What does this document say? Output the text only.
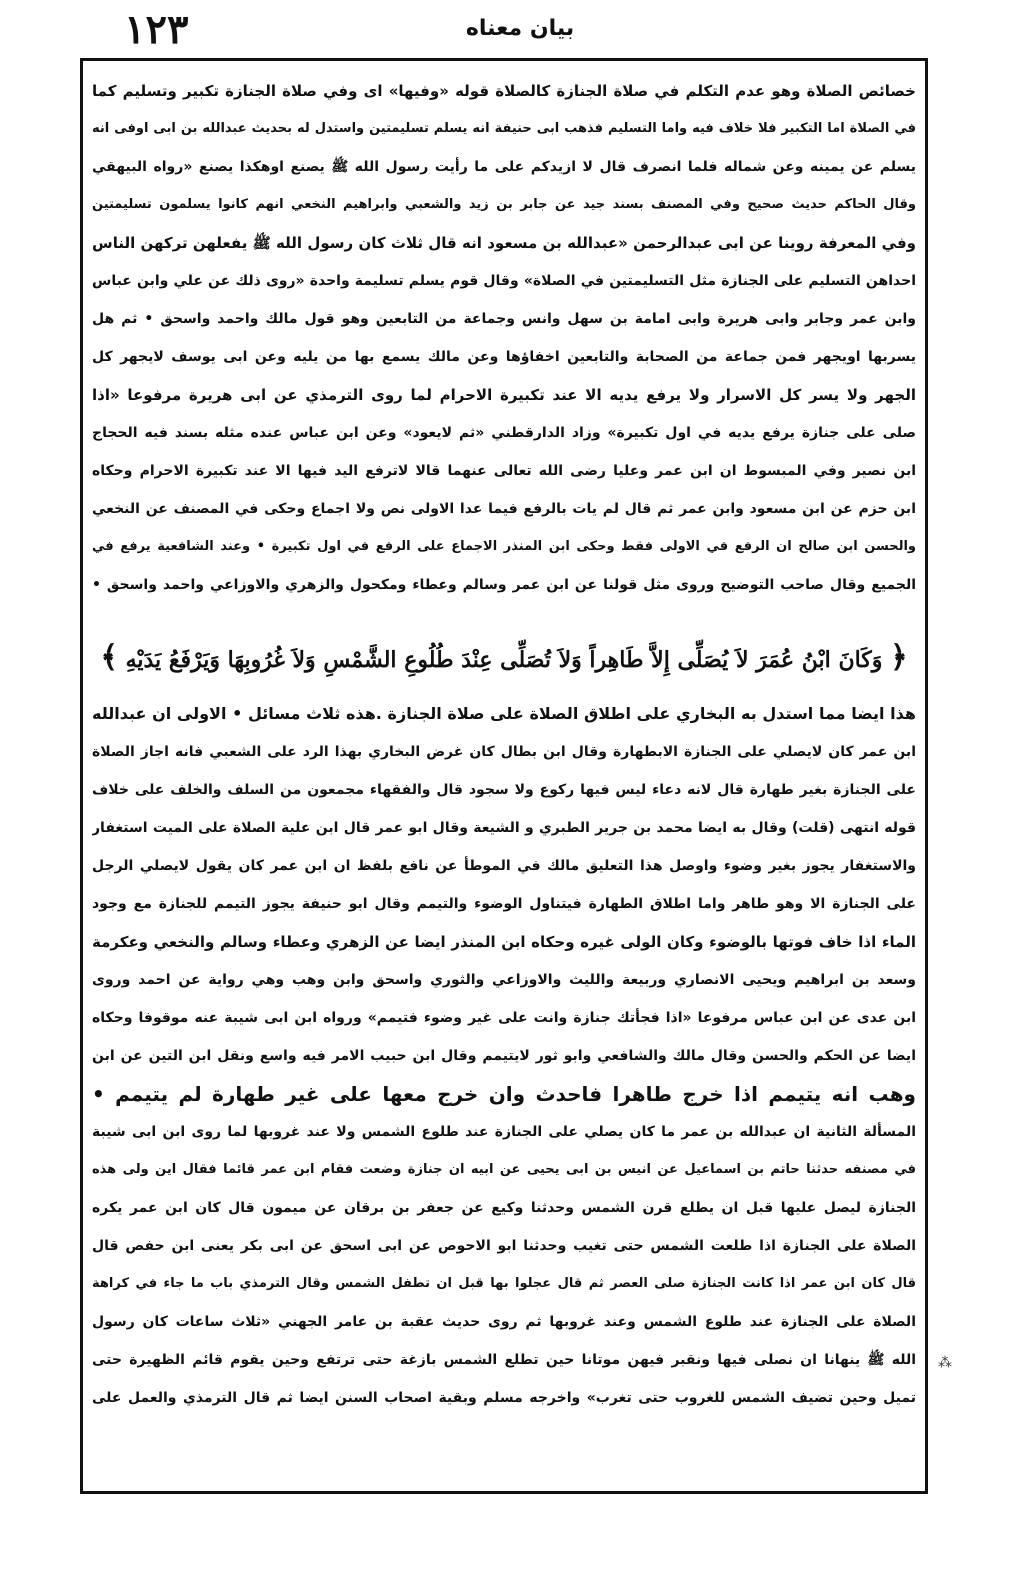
١٢٣	بيان معناه
خصائص الصلاة وهو عدم التكلم في صلاة الجنازة كالصلاة قوله «وفيها» اى وفي صلاة الجنازة تكبير وتسليم كما
في الصلاة اما التكبير فلا خلاف فيه واما التسليم فذهب ابى حنيفة انه يسلم تسليمتين واستدل له بحديث عبدالله بن ابى اوفى انه
يسلم عن يمينه وعن شماله فلما انصرف قال لا ازيدكم على ما رأيت رسول الله ﷺ يصنع اوهكذا يصنع «رواه البيهقي
وقال الحاكم حديث صحيح وفي المصنف بسند جيد عن جابر بن زيد والشعبي وابراهيم النخعي انهم كانوا يسلمون تسليمتين
وفي المعرفة روينا عن ابى عبدالرحمن «عبدالله بن مسعود انه قال ثلاث كان رسول الله ﷺ يفعلهن تركهن الناس
احداهن التسليم على الجنازة مثل التسليمتين في الصلاة» وقال قوم يسلم تسليمة واحدة «روى ذلك عن علي وابن عباس
وابن عمر وجابر وابى هريرة وابى امامة بن سهل وانس وجماعة من التابعين وهو قول مالك واحمد واسحق • ثم هل
يسربها اويجهر فمن جماعة من الصحابة والتابعين اخفاؤها وعن مالك يسمع بها من يليه وعن ابى يوسف لايجهر كل
الجهر ولا يسر كل الاسرار ولا يرفع يديه الا عند تكبيرة الاحرام لما روى الترمذي عن ابى هريرة مرفوعا «اذا
صلى على جنازة يرفع يديه في اول تكبيرة» وزاد الدارقطني «ثم لايعود» وعن ابن عباس عنده مثله بسند فيه الحجاج
ابن نصير وفي المبسوط ان ابن عمر وعليا رضى الله تعالى عنهما قالا لاترفع اليد فيها الا عند تكبيرة الاحرام وحكاه
ابن حزم عن ابن مسعود وابن عمر ثم قال لم يات بالرفع فيما عدا الاولى نص ولا اجماع وحكى في المصنف عن النخعي
والحسن ابن صالح ان الرفع في الاولى فقط وحكى ابن المنذر الاجماع على الرفع في اول تكبيرة • وعند الشافعية يرفع في
الجميع وقال صاحب التوضيح وروى مثل قولنا عن ابن عمر وسالم وعطاء ومكحول والزهري والاوزاعي واحمد واسحق •
﴿ وَكَانَ ابْنُ عُمَرَ لاَ يُصَلِّى إِلاَّ طَاهِراً وَلاَ تُصَلِّى عِنْدَ طُلُوعِ الشَّمْسِ وَلاَ غُرُوبِهَا وَيَرْفَعُ يَدَيْهِ ﴾
هذا ايضا مما استدل به البخاري على اطلاق الصلاة على صلاة الجنازة .هذه ثلاث مسائل • الاولى ان عبدالله
ابن عمر كان لايصلي على الجنازة الابطهارة وقال ابن بطال كان غرض البخاري بهذا الرد على الشعبي فانه اجاز الصلاة
على الجنازة بغير طهارة قال لانه دعاء ليس فيها ركوع ولا سجود قال والفقهاء مجمعون من السلف والخلف على خلاف
قوله انتهى (قلت) وقال به ايضا محمد بن جرير الطبري و الشيعة وقال ابو عمر قال ابن علية الصلاة على الميت استغفار
والاستغفار يجوز بغير وضوء واوصل هذا التعليق مالك في الموطأ عن نافع بلفظ ان ابن عمر كان يقول لايصلي الرجل
على الجنازة الا وهو طاهر واما اطلاق الطهارة فيتناول الوضوء والتيمم وقال ابو حنيفة يجوز التيمم للجنازة مع وجود
الماء اذا خاف فوتها بالوضوء وكان الولى غيره وحكاه ابن المنذر ايضا عن الزهري وعطاء وسالم والنخعي وعكرمة
وسعد بن ابراهيم ويحيى الانصاري وربيعة والليث والاوزاعي والثوري واسحق وابن وهب وهي رواية عن احمد وروى
ابن عدى عن ابن عباس مرفوعا «اذا فجأتك جنازة وانت على غير وضوء فتيمم» ورواه ابن ابى شيبة عنه موقوفا وحكاه
ايضا عن الحكم والحسن وقال مالك والشافعي وابو ثور لايتيمم وقال ابن حبيب الامر فيه واسع ونقل ابن التين عن ابن
وهب انه يتيمم اذا خرج طاهرا فاحدث وان خرج معها على غير طهارة لم يتيمم •
المسألة الثانية ان عبدالله بن عمر ما كان يصلي على الجنازة عند طلوع الشمس ولا عند غروبها لما روى ابن ابى شيبة
في مصنفه حدثنا حاتم بن اسماعيل عن انيس بن ابى يحيى عن ابيه ان جنازة وضعت فقام ابن عمر قائما فقال اين ولى هذه
الجنازة ليصل عليها قبل ان يطلع قرن الشمس وحدثنا وكيع عن جعفر بن برقان عن ميمون قال كان ابن عمر يكره
الصلاة على الجنازة اذا طلعت الشمس حتى تغيب وحدثنا ابو الاحوص عن ابى اسحق عن ابى بكر يعنى ابن حفص قال
قال كان ابن عمر اذا كانت الجنازة صلى العصر ثم قال عجلوا بها قبل ان تطفل الشمس وقال الترمذي باب ما جاء في كراهة
الصلاة على الجنازة عند طلوع الشمس وعند غروبها ثم روى حديث عقبة بن عامر الجهني «ثلاث ساعات كان رسول
الله ﷺ ينهانا ان نصلى فيها ونقبر فيهن موتانا حين تطلع الشمس بازغة حتى ترتفع وحين يقوم قائم الظهيرة حتى
تميل وحين تضيف الشمس للغروب حتى تغرب» واخرجه مسلم وبقية اصحاب السنن ايضا ثم قال الترمذي والعمل على
⁂
